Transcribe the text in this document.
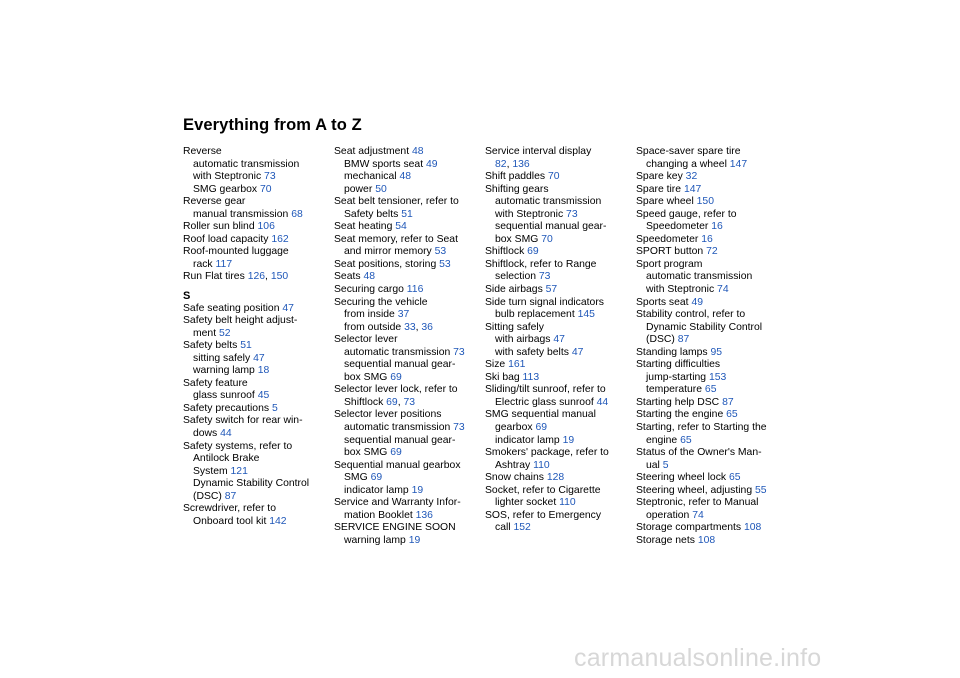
Everything from A to Z
Reverse
automatic transmission
with Steptronic 73
SMG gearbox 70
Reverse gear
manual transmission 68
Roller sun blind 106
Roof load capacity 162
Roof-mounted luggage
rack 117
Run Flat tires 126, 150
S
Safe seating position 47
Safety belt height adjust-
ment 52
Safety belts 51
sitting safely 47
warning lamp 18
Safety feature
glass sunroof 45
Safety precautions 5
Safety switch for rear win-
dows 44
Safety systems, refer to
Antilock Brake
System 121
Dynamic Stability Control
(DSC) 87
Screwdriver, refer to
Onboard tool kit 142
Seat adjustment 48
BMW sports seat 49
mechanical 48
power 50
Seat belt tensioner, refer to
Safety belts 51
Seat heating 54
Seat memory, refer to Seat
and mirror memory 53
Seat positions, storing 53
Seats 48
Securing cargo 116
Securing the vehicle
from inside 37
from outside 33, 36
Selector lever
automatic transmission 73
sequential manual gear-
box SMG 69
Selector lever lock, refer to
Shiftlock 69, 73
Selector lever positions
automatic transmission 73
sequential manual gear-
box SMG 69
Sequential manual gearbox
SMG 69
indicator lamp 19
Service and Warranty Infor-
mation Booklet 136
SERVICE ENGINE SOON
warning lamp 19
Service interval display
82, 136
Shift paddles 70
Shifting gears
automatic transmission
with Steptronic 73
sequential manual gear-
box SMG 70
Shiftlock 69
Shiftlock, refer to Range
selection 73
Side airbags 57
Side turn signal indicators
bulb replacement 145
Sitting safely
with airbags 47
with safety belts 47
Size 161
Ski bag 113
Sliding/tilt sunroof, refer to
Electric glass sunroof 44
SMG sequential manual
gearbox 69
indicator lamp 19
Smokers' package, refer to
Ashtray 110
Snow chains 128
Socket, refer to Cigarette
lighter socket 110
SOS, refer to Emergency
call 152
Space-saver spare tire
changing a wheel 147
Spare key 32
Spare tire 147
Spare wheel 150
Speed gauge, refer to
Speedometer 16
Speedometer 16
SPORT button 72
Sport program
automatic transmission
with Steptronic 74
Sports seat 49
Stability control, refer to
Dynamic Stability Control
(DSC) 87
Standing lamps 95
Starting difficulties
jump-starting 153
temperature 65
Starting help DSC 87
Starting the engine 65
Starting, refer to Starting the
engine 65
Status of the Owner's Man-
ual 5
Steering wheel lock 65
Steering wheel, adjusting 55
Steptronic, refer to Manual
operation 74
Storage compartments 108
Storage nets 108
carmanualsonline.info
